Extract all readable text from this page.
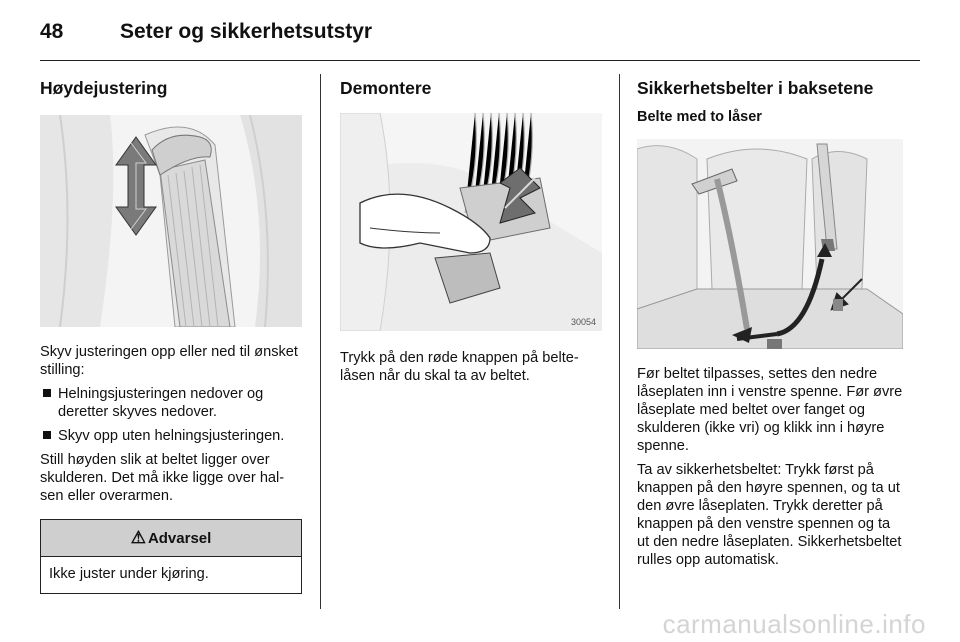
48	Seter og sikkerhetsutstyr
Høydejustering

Skyv justeringen opp eller ned til ønsket stilling:

Helningsjusteringen nedover og deretter skyves nedover.
Skyv opp uten helningsjusteringen.

Still høyden slik at beltet ligger over skulderen. Det må ikke ligge over halsen eller overarmen.

⚠ Advarsel
Ikke juster under kjøring.
Demontere
30054

Trykk på den røde knappen på beltelåsen når du skal ta av beltet.

Sikkerhetsbelter i baksetene
Belte med to låser

Før beltet tilpasses, settes den nedre låseplaten inn i venstre spenne. Før øvre låseplate med beltet over fanget og skulderen (ikke vri) og klikk inn i høyre spenne.

Ta av sikkerhetsbeltet: Trykk først på knappen på den høyre spennen, og ta ut den øvre låseplaten. Trykk deretter på knappen på den venstre spennen og ta ut den nedre låseplaten. Sikkerhetsbeltet rulles opp automatisk.

carmanualsonline.info
